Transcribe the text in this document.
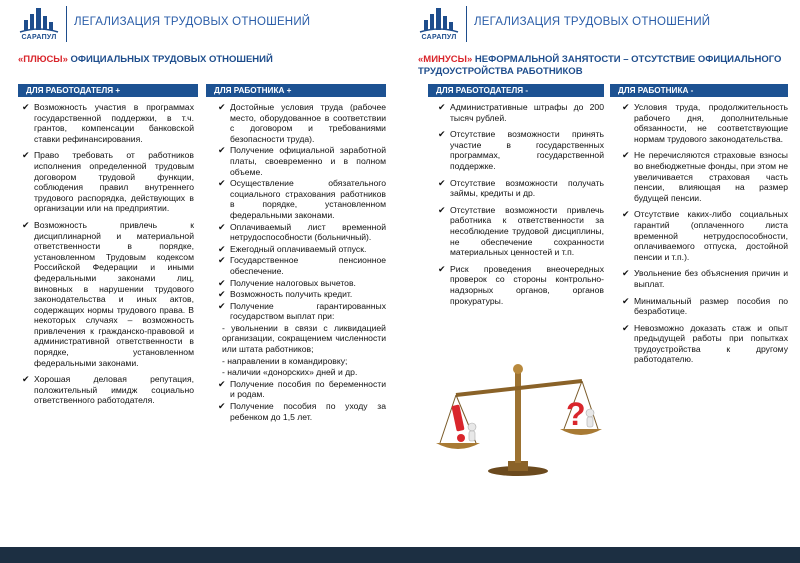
САРАПУЛ
ЛЕГАЛИЗАЦИЯ ТРУДОВЫХ ОТНОШЕНИЙ
«ПЛЮСЫ» ОФИЦИАЛЬНЫХ ТРУДОВЫХ ОТНОШЕНИЙ
ДЛЯ РАБОТОДАТЕЛЯ +	ДЛЯ РАБОТНИКА +
✔ Возможность участия в программах государственной поддержки, в т.ч. грантов, компенсации банковской ставки рефинансирования.
✔ Право требовать от работников исполнения определенной трудовым договором трудовой функции, соблюдения правил внутреннего трудового распорядка, действующих в организации или на предприятии.
✔ Возможность привлечь к дисциплинарной и материальной ответственности в порядке, установленном Трудовым кодексом Российской Федерации и иными федеральными законами лиц, виновных в нарушении трудового законодательства и иных актов, содержащих нормы трудового права. В некоторых случаях – возможность привлечения к гражданско-правовой и административной ответственности в порядке, установленном федеральными законами.
✔ Хорошая деловая репутация, положительный имидж социально ответственного работодателя.
✔ Достойные условия труда (рабочее место, оборудованное в соответствии с договором и требованиями безопасности труда).
✔ Получение официальной заработной платы, своевременно и в полном объеме.
✔ Осуществление обязательного социального страхования работников в порядке, установленном федеральными законами.
✔ Оплачиваемый лист временной нетрудоспособности (больничный).
✔ Ежегодный оплачиваемый отпуск.
✔ Государственное пенсионное обеспечение.
✔ Получение налоговых вычетов.
✔ Возможность получить кредит.
✔ Получение гарантированных государством выплат при:
- увольнении в связи с ликвидацией организации, сокращением численности или штата работников;
- направлении в командировку;
- наличии «донорских» дней и др.
✔ Получение пособия по беременности и родам.
✔ Получение пособия по уходу за ребенком до 1,5 лет.
САРАПУЛ
ЛЕГАЛИЗАЦИЯ ТРУДОВЫХ ОТНОШЕНИЙ
«МИНУСЫ» НЕФОРМАЛЬНОЙ ЗАНЯТОСТИ – ОТСУТСТВИЕ ОФИЦИАЛЬНОГО ТРУДОУСТРОЙСТВА РАБОТНИКОВ
ДЛЯ РАБОТОДАТЕЛЯ -	ДЛЯ РАБОТНИКА -
✔ Административные штрафы до 200 тысяч рублей.
✔ Отсутствие возможности принять участие в государственных программах, государственной поддержке.
✔ Отсутствие возможности получать займы, кредиты и др.
✔ Отсутствие возможности привлечь работника к ответственности за несоблюдение трудовой дисциплины, не обеспечение сохранности материальных ценностей и т.п.
✔ Риск проведения внеочередных проверок со стороны контрольно-надзорных органов, органов прокуратуры.
✔ Условия труда, продолжительность рабочего дня, дополнительные обязанности, не соответствующие нормам трудового законодательства.
✔ Не перечисляются страховые взносы во внебюджетные фонды, при этом не увеличивается страховая часть пенсии, влияющая на размер будущей пенсии.
✔ Отсутствие каких-либо социальных гарантий (оплаченного листа временной нетрудоспособности, оплачиваемого отпуска, достойной пенсии и т.п.).
✔ Увольнение без объяснения причин и выплат.
✔ Минимальный размер пособия по безработице.
✔ Невозможно доказать стаж и опыт предыдущей работы при попытках трудоустройства к другому работодателю.
?
